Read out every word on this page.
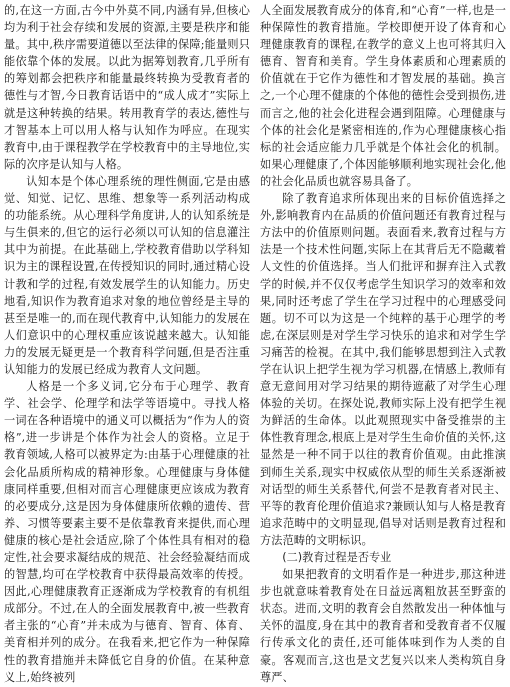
的,在这一方面,古今中外莫不同,内涵有异,但核心均为利于社会存续和发展的资源,主要是秩序和能量。其中,秩序需要道德以至法律的保障;能量则只能依靠个体的发展。以此为据筹划教育,几乎所有的筹划都会把秩序和能量最终转换为受教育者的德性与才智,今日教育话语中的“成人成才”实际上就是这种转换的结果。转用教育学的表达,德性与才智基本上可以用人格与认知作为呼应。在现实教育中,由于课程教学在学校教育中的主导地位,实际的次序是认知与人格。

认知本是个体心理系统的理性侧面,它是由感觉、知觉、记忆、思维、想象等一系列活动构成的功能系统。从心理科学角度讲,人的认知系统是与生俱来的,但它的运行必须以可认知的信息灌注其中为前提。在此基础上,学校教育借助以学科知识为主的课程设置,在传授知识的同时,通过精心设计教和学的过程,有效发展学生的认知能力。历史地看,知识作为教育追求对象的地位曾经是主导的甚至是唯一的,而在现代教育中,认知能力的发展在人们意识中的心理权重应该说越来越大。认知能力的发展无疑更是一个教育科学问题,但是否注重认知能力的发展已经成为教育人文问题。

人格是一个多义词,它分布于心理学、教育学、社会学、伦理学和法学等语境中。寻找人格一词在各种语境中的通义可以概括为“作为人的资格”,进一步讲是个体作为社会人的资格。立足于教育领域,人格可以被界定为:由基于心理健康的社会化品质所构成的精神形象。心理健康与身体健康同样重要,但相对而言心理健康更应该成为教育的必要成分,这是因为身体健康所依赖的遗传、营养、习惯等要素主要不是依靠教育来提供,而心理健康的核心是社会适应,除了个体性具有相对的稳定性,社会要求凝结成的规范、社会经验凝结而成的智慧,均可在学校教育中获得最高效率的传授。因此,心理健康教育正逐渐成为学校教育的有机组成部分。不过,在人的全面发展教育中,被一些教育者主张的“心育”并未成为与德育、智育、体育、美育相并列的成分。在我看来,把它作为一种保障性的教育措施并未降低它自身的价值。在某种意义上,始终被列

人全面发展教育成分的体育,和“心育”一样,也是一种保障性的教育措施。学校即便开设了体育和心理健康教育的课程,在教学的意义上也可将其归入德育、智育和美育。学生身体素质和心理素质的价值就在于它作为德性和才智发展的基础。换言之,一个心理不健康的个体他的德性会受到损伤,进而言之,他的社会化进程会遇到阻障。心理健康与个体的社会化是紧密相连的,作为心理健康核心指标的社会适应能力几乎就是个体社会化的机制。如果心理健康了,个体因能够顺利地实现社会化,他的社会化品质也就容易具备了。

除了教育追求所体现出来的目标价值选择之外,影响教育内在品质的价值问题还有教育过程与方法中的价值原则问题。表面看来,教育过程与方法是一个技术性问题,实际上在其背后无不隐藏着人文性的价值选择。当人们批评和摒弃注入式教学的时候,并不仅仅考虑学生知识学习的效率和效果,同时还考虑了学生在学习过程中的心理感受问题。切不可以为这是一个纯粹的基于心理学的考虑,在深层则是对学生学习快乐的追求和对学生学习痛苦的检視。在其中,我们能够思想到注入式教学在认识上把学生视为学习机器,在情感上,教师有意无意间用对学习结果的期待遮蔽了对学生心理体验的关切。在探处说,教师实际上没有把学生视为鲜活的生命体。以此观照现实中备受推崇的主体性教育理念,根底上是对学生生命价值的关怀,这显然是一种不同于以往的教育价值观。由此推演到师生关系,现实中权威依从型的师生关系逐渐被对话型的师生关系替代,何尝不是教育者对民主、平等的教育伦理价值追求?兼顾认知与人格是教育追求范畴中的文明显现,倡导对话则是教育过程和方法范畴的文明标识。

(二)教育过程是否专业

如果把教育的文明看作是一种进步,那这种进步也就意味着教育处在日益远离粗放甚至野蛮的状态。进而,文明的教育会自然散发出一种体恤与关怀的温度,身在其中的教育者和受教育者不仅履行传承文化的责任,还可能体味到作为人类的自豪。客观而言,这也是文艺复兴以来人类构筑自身尊严、
